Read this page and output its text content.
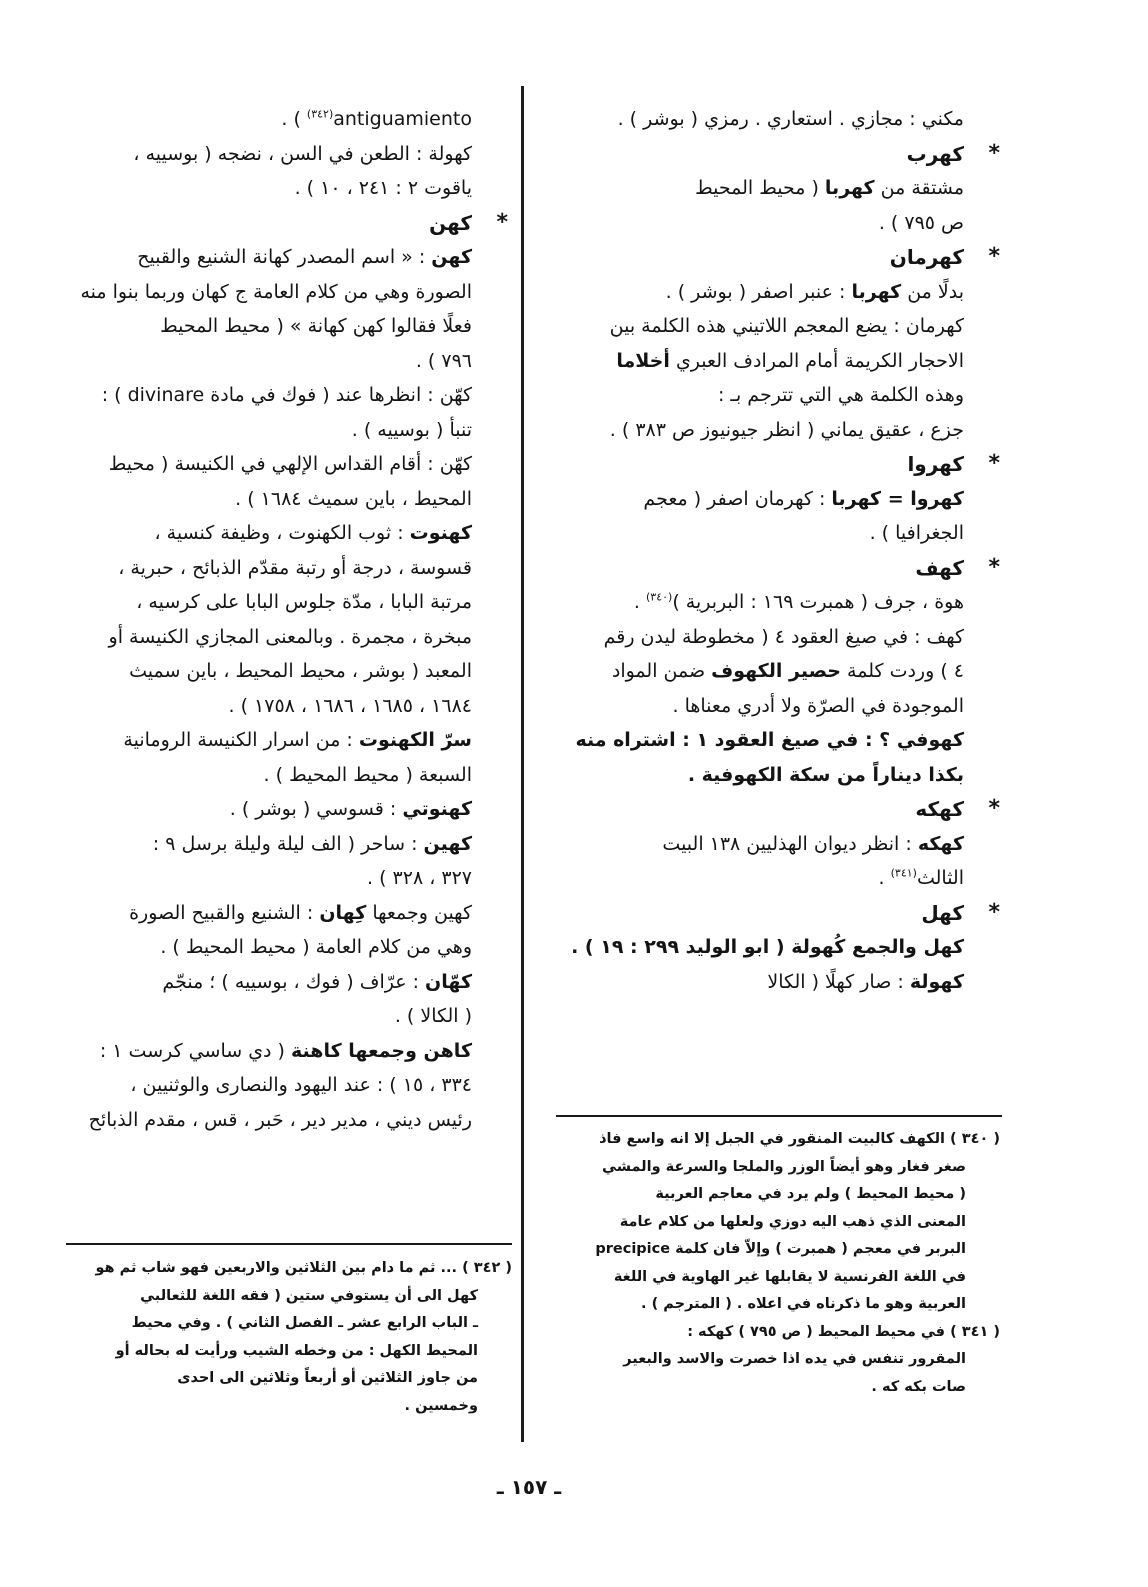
مكني : مجازي . استعاري . رمزي ( بوشر ) .

*
كهرب

مشتقة من كهربا ( محيط المحيط

ص ٧٩٥ ) .

*
كهرمان

بدلًا من كهربا : عنبر اصفر ( بوشر ) .

كهرمان : يضع المعجم اللاتيني هذه الكلمة بين

الاحجار الكريمة أمام المرادف العبري أخلاما

وهذه الكلمة هي التي تترجم بـ :

جزع ، عقيق يماني ( انظر جيونيوز ص ٣٨٣ ) .

*
كهروا

كهروا = كهربا : كهرمان اصفر ( معجم

الجغرافيا ) .

*
كهف

هوة ، جرف ( همبرت ١٦٩ : البربرية )$^{(٣٤٠)}$ .

كهف : في صيغ العقود ٤ ( مخطوطة ليدن رقم

٤ ) وردت كلمة حصير الكهوف ضمن المواد

الموجودة في الصرّة ولا أدري معناها .

كهوفي ؟ : في صيغ العقود ١ : اشتراه منه

بكذا ديناراً من سكة الكهوفية .

*
كهكه

كهكه : انظر ديوان الهذليين ١٣٨ البيت

الثالث$^{(٣٤١)}$ .

*
كهل

كهل والجمع كُهولة ( ابو الوليد ٢٩٩ : ١٩ ) .

كهولة : صار كهلًا ( الكالا

antiguamiento$^{(٣٤٢)}$ ) .

كهولة : الطعن في السن ، نضجه ( بوسييه ،

ياقوت ٢ : ٢٤١ ، ١٠ ) .

*
كهن

كهن : « اسم المصدر كهانة الشنيع والقبيح

الصورة وهي من كلام العامة ج كهان وربما بنوا منه

فعلًا فقالوا كهن كهانة » ( محيط المحيط

٧٩٦ ) .

كهّن : انظرها عند ( فوك في مادة divinare ) :

تنبأ ( بوسييه ) .

كهّن : أقام القداس الإلهي في الكنيسة ( محيط

المحيط ، باين سميث ١٦٨٤ ) .

كهنوت : ثوب الكهنوت ، وظيفة كنسية ،

قسوسة ، درجة أو رتبة مقدّم الذبائح ، حبرية ،

مرتبة البابا ، مدّة جلوس البابا على كرسيه ،

مبخرة ، مجمرة . وبالمعنى المجازي الكنيسة أو

المعبد ( بوشر ، محيط المحيط ، باين سميث

١٦٨٤ ، ١٦٨٥ ، ١٦٨٦ ، ١٧٥٨ ) .

سرّ الكهنوت : من اسرار الكنيسة الرومانية

السبعة ( محيط المحيط ) .

كهنوتي : قسوسي ( بوشر ) .

كهين : ساحر ( الف ليلة وليلة برسل ٩ :

٣٢٧ ، ٣٢٨ ) .

كهين وجمعها كِهان : الشنيع والقبيح الصورة

وهي من كلام العامة ( محيط المحيط ) .

كهّان : عرّاف ( فوك ، بوسييه ) ؛ منجّم

( الكالا ) .

كاهن وجمعها كاهنة ( دي ساسي كرست ١ :

٣٣٤ ، ١٥ ) : عند اليهود والنصارى والوثنيين ،

رئيس ديني ، مدير دير ، حَبر ، قس ، مقدم الذبائح

( ٣٤٠ ) الكهف كالبيت المنقور في الجبل إلا انه واسع فاذ

صغر فغار وهو أيضاً الوزر والملجا والسرعة والمشي

( محيط المحيط ) ولم يرد في معاجم العربية

المعنى الذي ذهب اليه دوزي ولعلها من كلام عامة

البربر في معجم ( همبرت ) وإلاّ فان كلمة precipice

في اللغة الفرنسية لا يقابلها غير الهاوية في اللغة

العربية وهو ما ذكرناه في اعلاه . ( المترجم ) .

( ٣٤١ ) في محيط المحيط ( ص ٧٩٥ ) كهكه :

المقرور تنفس في يده اذا خصرت والاسد والبعير

صات بكه كه .

( ٣٤٢ ) ... ثم ما دام بين الثلاثين والاربعين فهو شاب ثم هو

كهل الى أن يستوفي ستين ( فقه اللغة للثعالبي

ـ الباب الرابع عشر ـ الفصل الثاني ) . وفي محيط

المحيط الكهل : من وخطه الشيب ورأيت له بحاله أو

من جاوز الثلاثين أو أربعاً وثلاثين الى احدى

وخمسين .

ـ ١٥٧ ـ
